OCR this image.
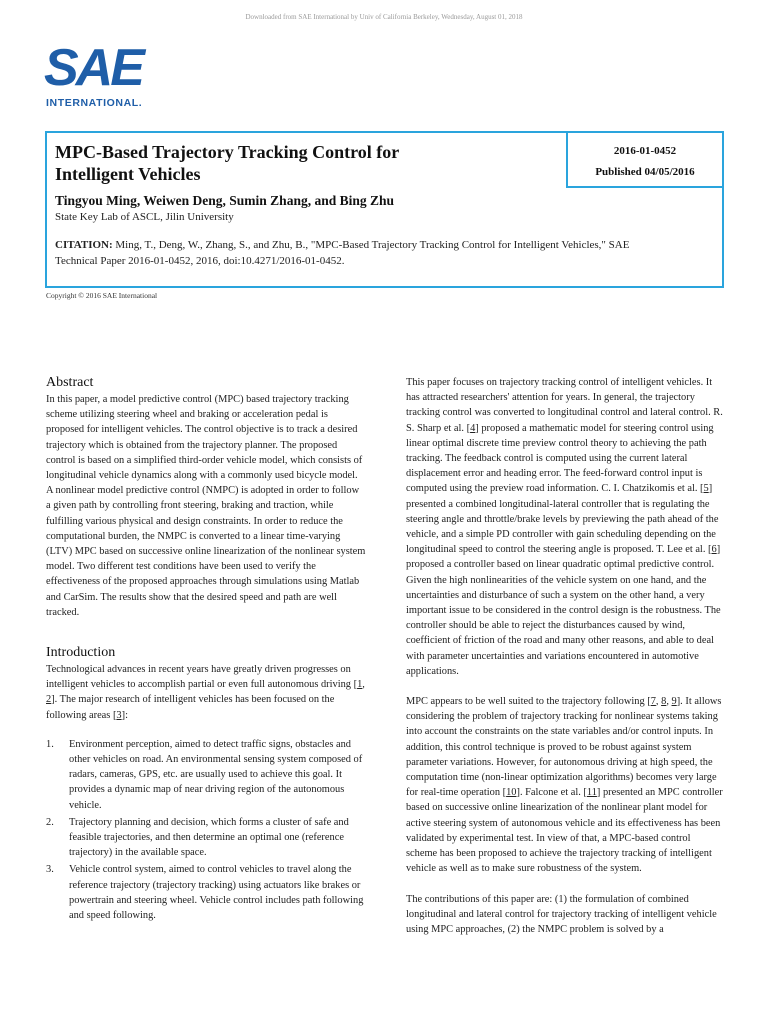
Downloaded from SAE International by Univ of California Berkeley, Wednesday, August 01, 2018
SAE
INTERNATIONAL.
MPC-Based Trajectory Tracking Control for Intelligent Vehicles
2016-01-0452
Published 04/05/2016
Tingyou Ming, Weiwen Deng, Sumin Zhang, and Bing Zhu
State Key Lab of ASCL, Jilin University
CITATION: Ming, T., Deng, W., Zhang, S., and Zhu, B., "MPC-Based Trajectory Tracking Control for Intelligent Vehicles," SAE Technical Paper 2016-01-0452, 2016, doi:10.4271/2016-01-0452.
Copyright © 2016 SAE International
Abstract

In this paper, a model predictive control (MPC) based trajectory tracking scheme utilizing steering wheel and braking or acceleration pedal is proposed for intelligent vehicles. The control objective is to track a desired trajectory which is obtained from the trajectory planner. The proposed control is based on a simplified third-order vehicle model, which consists of longitudinal vehicle dynamics along with a commonly used bicycle model. A nonlinear model predictive control (NMPC) is adopted in order to follow a given path by controlling front steering, braking and traction, while fulfilling various physical and design constraints. In order to reduce the computational burden, the NMPC is converted to a linear time-varying (LTV) MPC based on successive online linearization of the nonlinear system model. Two different test conditions have been used to verify the effectiveness of the proposed approaches through simulations using Matlab and CarSim. The results show that the desired speed and path are well tracked.

Introduction

Technological advances in recent years have greatly driven progresses on intelligent vehicles to accomplish partial or even full autonomous driving [1, 2]. The major research of intelligent vehicles has been focused on the following areas [3]:

1. Environment perception, aimed to detect traffic signs, obstacles and other vehicles on road. An environmental sensing system composed of radars, cameras, GPS, etc. are usually used to achieve this goal. It provides a dynamic map of near driving region of the autonomous vehicle.
2. Trajectory planning and decision, which forms a cluster of safe and feasible trajectories, and then determine an optimal one (reference trajectory) in the available space.
3. Vehicle control system, aimed to control vehicles to travel along the reference trajectory (trajectory tracking) using actuators like brakes or powertrain and steering wheel. Vehicle control includes path following and speed following.

This paper focuses on trajectory tracking control of intelligent vehicles. It has attracted researchers' attention for years. In general, the trajectory tracking control was converted to longitudinal control and lateral control. R. S. Sharp et al. [4] proposed a mathematic model for steering control using linear optimal discrete time preview control theory to achieving the path tracking. The feedback control is computed using the current lateral displacement error and heading error. The feed-forward control input is computed using the preview road information. C. I. Chatzikomis et al. [5] presented a combined longitudinal-lateral controller that is regulating the steering angle and throttle/brake levels by previewing the path ahead of the vehicle, and a simple PD controller with gain scheduling depending on the longitudinal speed to control the steering angle is proposed. T. Lee et al. [6] proposed a controller based on linear quadratic optimal predictive control. Given the high nonlinearities of the vehicle system on one hand, and the uncertainties and disturbance of such a system on the other hand, a very important issue to be considered in the control design is the robustness. The controller should be able to reject the disturbances caused by wind, coefficient of friction of the road and many other reasons, and able to deal with parameter uncertainties and variations encountered in automotive applications.

MPC appears to be well suited to the trajectory following [7, 8, 9]. It allows considering the problem of trajectory tracking for nonlinear systems taking into account the constraints on the state variables and/or control inputs. In addition, this control technique is proved to be robust against system parameter variations. However, for autonomous driving at high speed, the computation time (non-linear optimization algorithms) becomes very large for real-time operation [10]. Falcone et al. [11] presented an MPC controller based on successive online linearization of the nonlinear plant model for active steering system of autonomous vehicle and its effectiveness has been validated by experimental test. In view of that, a MPC-based control scheme has been proposed to achieve the trajectory tracking of intelligent vehicle as well as to make sure robustness of the system.

The contributions of this paper are: (1) the formulation of combined longitudinal and lateral control for trajectory tracking of intelligent vehicle using MPC approaches, (2) the NMPC problem is solved by a
